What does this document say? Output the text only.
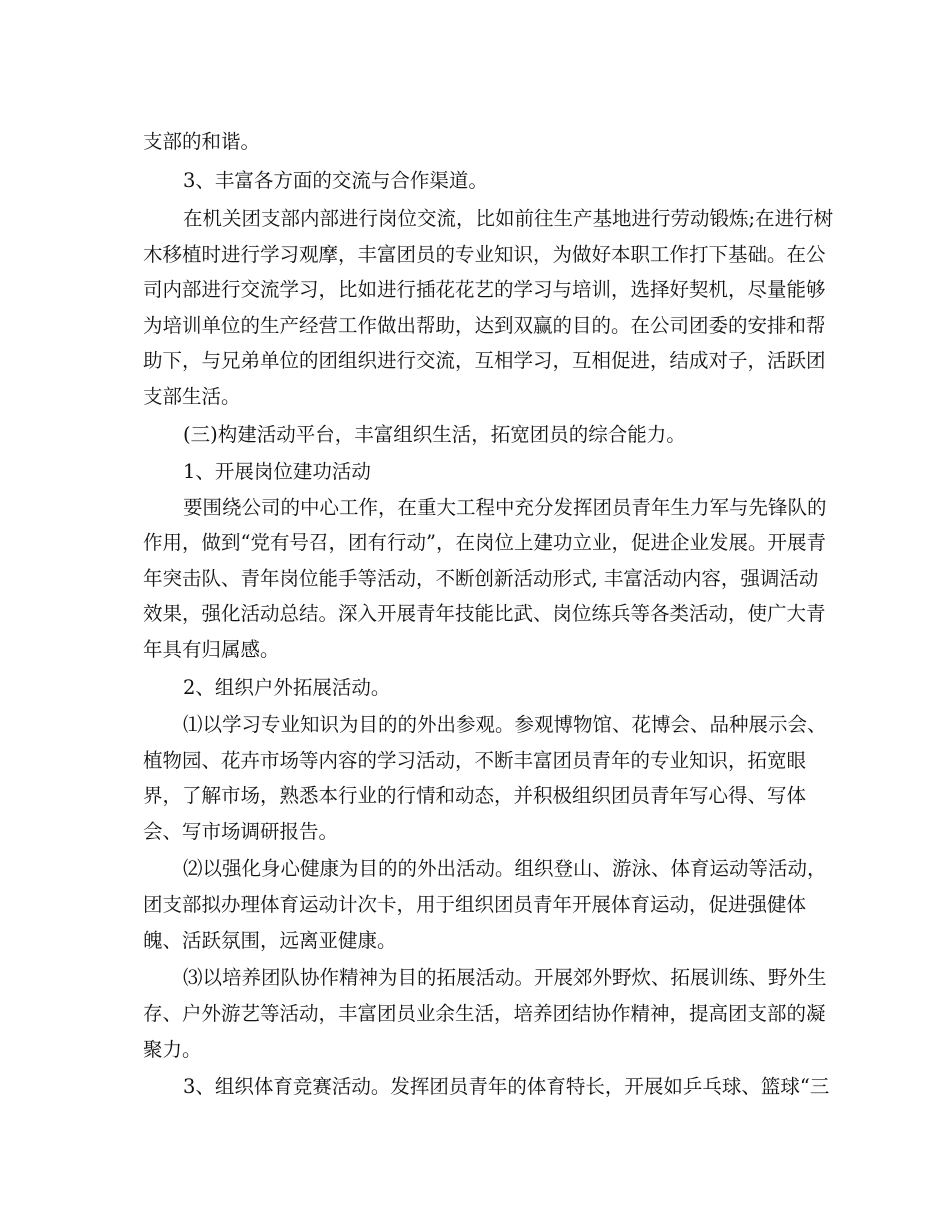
支部的和谐。
3、丰富各方面的交流与合作渠道。
在机关团支部内部进行岗位交流，比如前往生产基地进行劳动锻炼;在进行树
木移植时进行学习观摩，丰富团员的专业知识，为做好本职工作打下基础。在公
司内部进行交流学习，比如进行插花花艺的学习与培训，选择好契机，尽量能够
为培训单位的生产经营工作做出帮助，达到双赢的目的。在公司团委的安排和帮
助下，与兄弟单位的团组织进行交流，互相学习，互相促进，结成对子，活跃团
支部生活。
(三)构建活动平台，丰富组织生活，拓宽团员的综合能力。
1、开展岗位建功活动
要围绕公司的中心工作，在重大工程中充分发挥团员青年生力军与先锋队的
作用，做到“党有号召，团有行动”，在岗位上建功立业，促进企业发展。开展青
年突击队、青年岗位能手等活动，不断创新活动形式, 丰富活动内容，强调活动
效果，强化活动总结。深入开展青年技能比武、岗位练兵等各类活动，使广大青
年具有归属感。
2、组织户外拓展活动。
⑴以学习专业知识为目的的外出参观。参观博物馆、花博会、品种展示会、
植物园、花卉市场等内容的学习活动，不断丰富团员青年的专业知识，拓宽眼
界，了解市场，熟悉本行业的行情和动态，并积极组织团员青年写心得、写体
会、写市场调研报告。
⑵以强化身心健康为目的的外出活动。组织登山、游泳、体育运动等活动，
团支部拟办理体育运动计次卡，用于组织团员青年开展体育运动，促进强健体
魄、活跃氛围，远离亚健康。
⑶以培养团队协作精神为目的拓展活动。开展郊外野炊、拓展训练、野外生
存、户外游艺等活动，丰富团员业余生活，培养团结协作精神，提高团支部的凝
聚力。
3、组织体育竞赛活动。发挥团员青年的体育特长，开展如乒乓球、篮球“三
